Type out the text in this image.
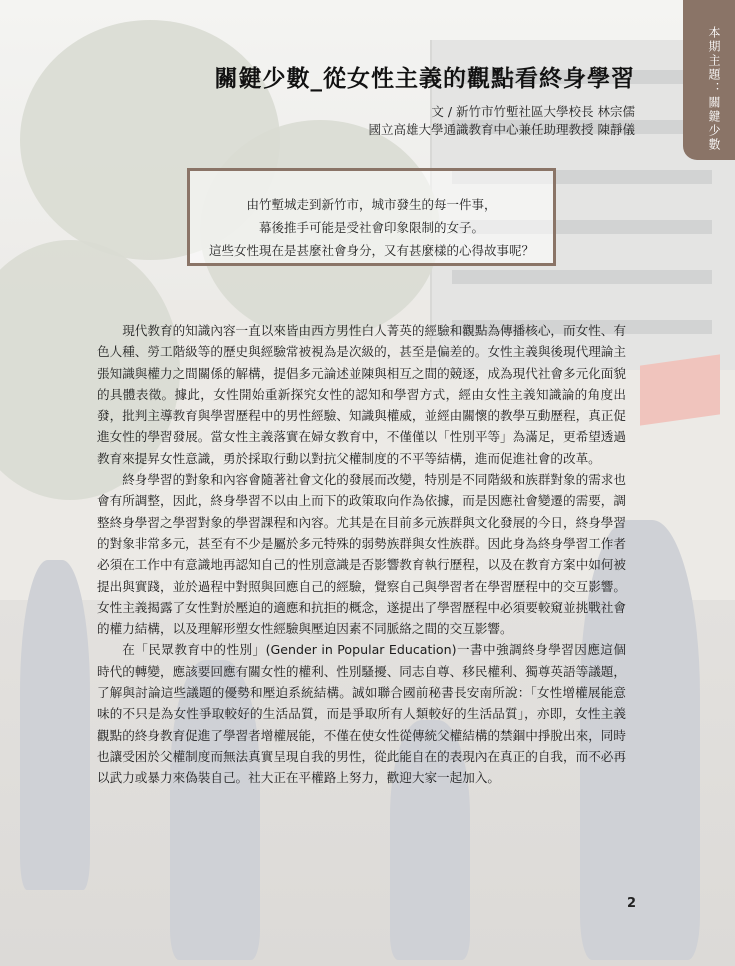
本期主題：關鍵少數
關鍵少數_從女性主義的觀點看終身學習

文 / 新竹市竹塹社區大學校長 林宗儒

國立高雄大學通識教育中心兼任助理教授 陳靜儀

由竹塹城走到新竹市，城市發生的每一件事，

幕後推手可能是受社會印象限制的女子。

這些女性現在是甚麼社會身分，又有甚麼樣的心得故事呢？

現代教育的知識內容一直以來皆由西方男性白人菁英的經驗和觀點為傳播核心，而女性、有色人種、勞工階級等的歷史與經驗常被視為是次級的，甚至是偏差的。女性主義與後現代理論主張知識與權力之間關係的解構，提倡多元論述並陳與相互之間的競逐，成為現代社會多元化面貌的具體表徵。據此，女性開始重新探究女性的認知和學習方式，經由女性主義知識論的角度出發，批判主導教育與學習歷程中的男性經驗、知識與權威，並經由關懷的教學互動歷程，真正促進女性的學習發展。當女性主義落實在婦女教育中，不僅僅以「性別平等」為滿足，更希望透過教育來提昇女性意識，勇於採取行動以對抗父權制度的不平等結構，進而促進社會的改革。

終身學習的對象和內容會隨著社會文化的發展而改變，特別是不同階級和族群對象的需求也會有所調整，因此，終身學習不以由上而下的政策取向作為依據，而是因應社會變遷的需要，調整終身學習之學習對象的學習課程和內容。尤其是在目前多元族群與文化發展的今日，終身學習的對象非常多元，甚至有不少是屬於多元特殊的弱勢族群與女性族群。因此身為終身學習工作者必須在工作中有意識地再認知自己的性別意識是否影響教育執行歷程，以及在教育方案中如何被提出與實踐，並於過程中對照與回應自己的經驗，覺察自己與學習者在學習歷程中的交互影響。女性主義揭露了女性對於壓迫的適應和抗拒的概念，遂提出了學習歷程中必須要較窺並挑戰社會的權力結構，以及理解形塑女性經驗與壓迫因素不同脈絡之間的交互影響。

在「民眾教育中的性別」(Gender in Popular Education)一書中強調終身學習因應這個時代的轉變，應該要回應有關女性的權利、性別騷擾、同志自尊、移民權利、獨尊英語等議題，了解與討論這些議題的優勢和壓迫系統結構。誠如聯合國前秘書長安南所說：「女性增權展能意味的不只是為女性爭取較好的生活品質，而是爭取所有人類較好的生活品質」，亦即，女性主義觀點的終身教育促進了學習者增權展能，不僅在使女性從傳統父權結構的禁錮中掙脫出來，同時也讓受困於父權制度而無法真實呈現自我的男性，從此能自在的表現內在真正的自我，而不必再以武力或暴力來偽裝自己。社大正在平權路上努力，歡迎大家一起加入。

2
